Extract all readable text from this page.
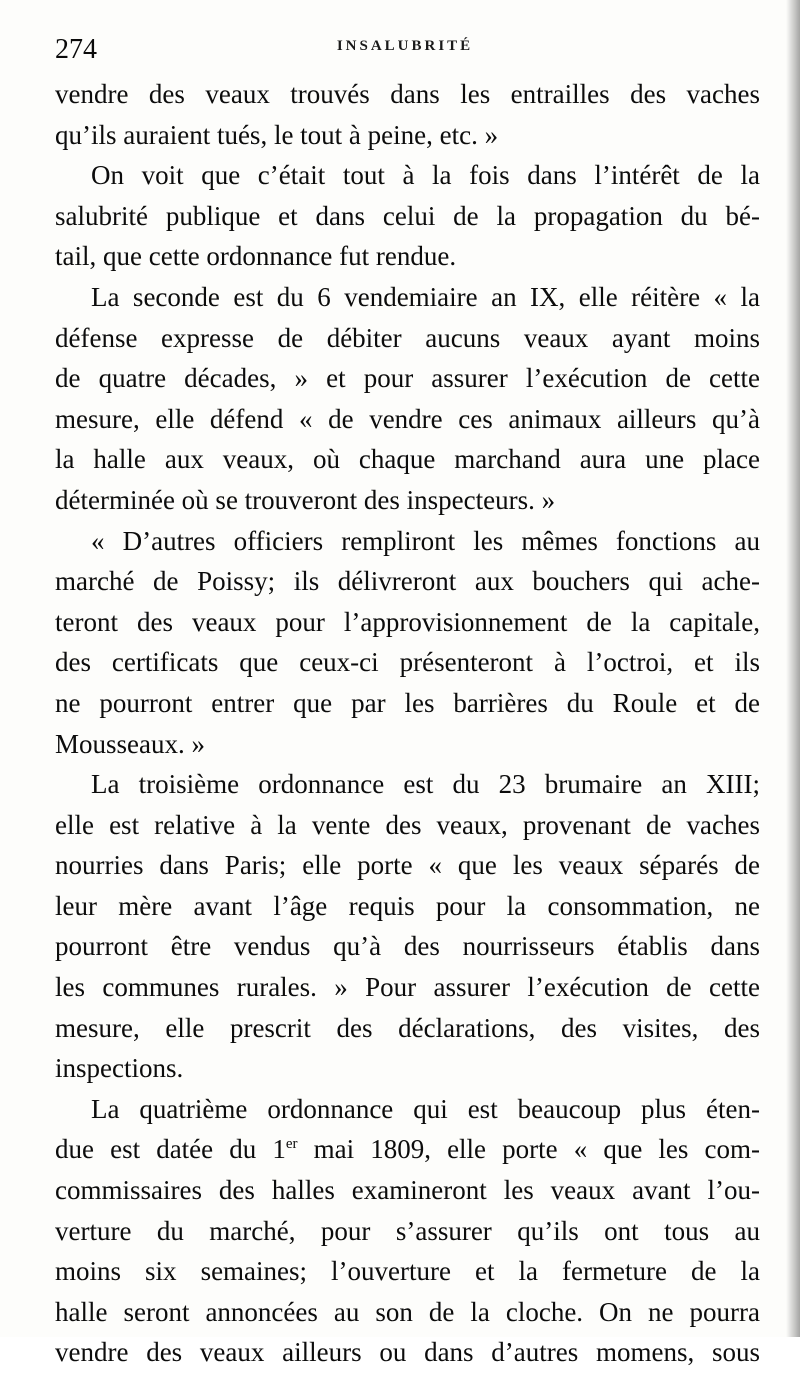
274	INSALUBRITÉ
vendre des veaux trouvés dans les entrailles des vaches
qu’ils auraient tués, le tout à peine, etc. »
On voit que c’était tout à la fois dans l’intérêt de la
salubrité publique et dans celui de la propagation du bé-
tail, que cette ordonnance fut rendue.
La seconde est du 6 vendemiaire an IX, elle réitère « la
défense expresse de débiter aucuns veaux ayant moins
de quatre décades, » et pour assurer l’exécution de cette
mesure, elle défend « de vendre ces animaux ailleurs qu’à
la halle aux veaux, où chaque marchand aura une place
déterminée où se trouveront des inspecteurs. »
« D’autres officiers rempliront les mêmes fonctions au
marché de Poissy; ils délivreront aux bouchers qui ache-
teront des veaux pour l’approvisionnement de la capitale,
des certificats que ceux-ci présenteront à l’octroi, et ils
ne pourront entrer que par les barrières du Roule et de
Mousseaux. »
La troisième ordonnance est du 23 brumaire an XIII;
elle est relative à la vente des veaux, provenant de vaches
nourries dans Paris; elle porte « que les veaux séparés de
leur mère avant l’âge requis pour la consommation, ne
pourront être vendus qu’à des nourrisseurs établis dans
les communes rurales. » Pour assurer l’exécution de cette
mesure, elle prescrit des déclarations, des visites, des
inspections.
La quatrième ordonnance qui est beaucoup plus éten-
due est datée du 1er mai 1809, elle porte « que les com-
commissaires des halles examineront les veaux avant l’ou-
verture du marché, pour s’assurer qu’ils ont tous au
moins six semaines; l’ouverture et la fermeture de la
halle seront annoncées au son de la cloche. On ne pourra
vendre des veaux ailleurs ou dans d’autres momens, sous
